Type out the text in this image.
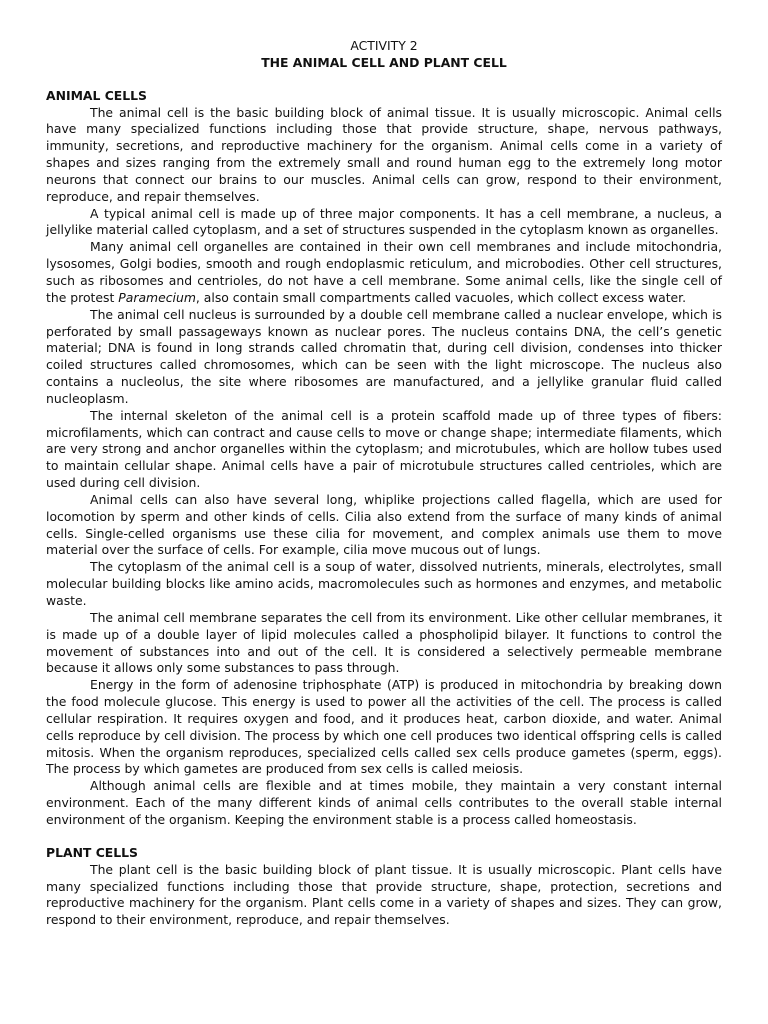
ACTIVITY 2
THE ANIMAL CELL AND PLANT CELL
ANIMAL CELLS

The animal cell is the basic building block of animal tissue. It is usually microscopic. Animal cells have many specialized functions including those that provide structure, shape, nervous pathways, immunity, secretions, and reproductive machinery for the organism. Animal cells come in a variety of shapes and sizes ranging from the extremely small and round human egg to the extremely long motor neurons that connect our brains to our muscles. Animal cells can grow, respond to their environment, reproduce, and repair themselves.

A typical animal cell is made up of three major components. It has a cell membrane, a nucleus, a jellylike material called cytoplasm, and a set of structures suspended in the cytoplasm known as organelles.

Many animal cell organelles are contained in their own cell membranes and include mitochondria, lysosomes, Golgi bodies, smooth and rough endoplasmic reticulum, and microbodies. Other cell structures, such as ribosomes and centrioles, do not have a cell membrane. Some animal cells, like the single cell of the protest Paramecium, also contain small compartments called vacuoles, which collect excess water.

The animal cell nucleus is surrounded by a double cell membrane called a nuclear envelope, which is perforated by small passageways known as nuclear pores. The nucleus contains DNA, the cell’s genetic material; DNA is found in long strands called chromatin that, during cell division, condenses into thicker coiled structures called chromosomes, which can be seen with the light microscope. The nucleus also contains a nucleolus, the site where ribosomes are manufactured, and a jellylike granular fluid called nucleoplasm.

The internal skeleton of the animal cell is a protein scaffold made up of three types of fibers: microfilaments, which can contract and cause cells to move or change shape; intermediate filaments, which are very strong and anchor organelles within the cytoplasm; and microtubules, which are hollow tubes used to maintain cellular shape. Animal cells have a pair of microtubule structures called centrioles, which are used during cell division.

Animal cells can also have several long, whiplike projections called flagella, which are used for locomotion by sperm and other kinds of cells. Cilia also extend from the surface of many kinds of animal cells. Single-celled organisms use these cilia for movement, and complex animals use them to move material over the surface of cells. For example, cilia move mucous out of lungs.

The cytoplasm of the animal cell is a soup of water, dissolved nutrients, minerals, electrolytes, small molecular building blocks like amino acids, macromolecules such as hormones and enzymes, and metabolic waste.

The animal cell membrane separates the cell from its environment. Like other cellular membranes, it is made up of a double layer of lipid molecules called a phospholipid bilayer. It functions to control the movement of substances into and out of the cell. It is considered a selectively permeable membrane because it allows only some substances to pass through.

Energy in the form of adenosine triphosphate (ATP) is produced in mitochondria by breaking down the food molecule glucose. This energy is used to power all the activities of the cell. The process is called cellular respiration. It requires oxygen and food, and it produces heat, carbon dioxide, and water. Animal cells reproduce by cell division. The process by which one cell produces two identical offspring cells is called mitosis. When the organism reproduces, specialized cells called sex cells produce gametes (sperm, eggs). The process by which gametes are produced from sex cells is called meiosis.

Although animal cells are flexible and at times mobile, they maintain a very constant internal environment. Each of the many different kinds of animal cells contributes to the overall stable internal environment of the organism. Keeping the environment stable is a process called homeostasis.

PLANT CELLS

The plant cell is the basic building block of plant tissue. It is usually microscopic. Plant cells have many specialized functions including those that provide structure, shape, protection, secretions and reproductive machinery for the organism. Plant cells come in a variety of shapes and sizes. They can grow, respond to their environment, reproduce, and repair themselves.
